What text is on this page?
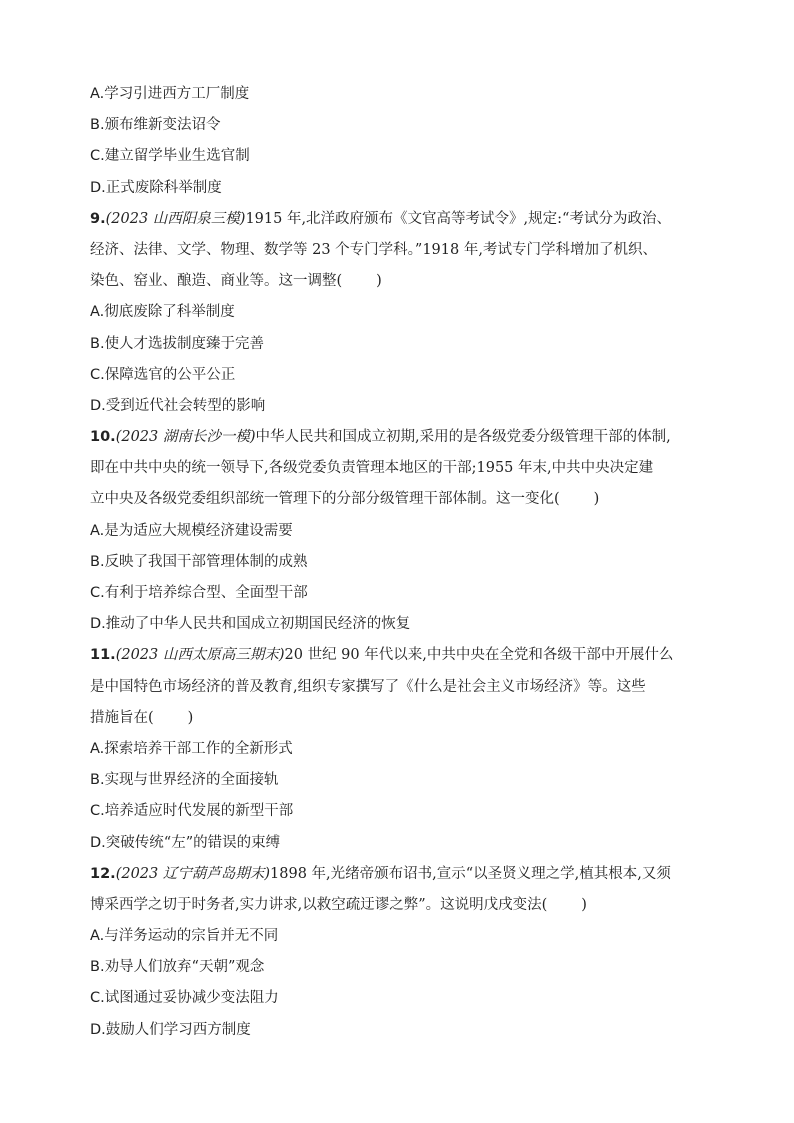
A.学习引进西方工厂制度
B.颁布维新变法诏令
C.建立留学毕业生选官制
D.正式废除科举制度
9.(2023 山西阳泉三模)1915 年,北洋政府颁布《文官高等考试令》,规定:“考试分为政治、
经济、法律、文学、物理、数学等 23 个专门学科。”1918 年,考试专门学科增加了机织、
染色、窑业、酿造、商业等。这一调整( )
A.彻底废除了科举制度
B.使人才选拔制度臻于完善
C.保障选官的公平公正
D.受到近代社会转型的影响
10.(2023 湖南长沙一模)中华人民共和国成立初期,采用的是各级党委分级管理干部的体制,
即在中共中央的统一领导下,各级党委负责管理本地区的干部;1955 年末,中共中央决定建
立中央及各级党委组织部统一管理下的分部分级管理干部体制。这一变化( )
A.是为适应大规模经济建设需要
B.反映了我国干部管理体制的成熟
C.有利于培养综合型、全面型干部
D.推动了中华人民共和国成立初期国民经济的恢复
11.(2023 山西太原高三期末)20 世纪 90 年代以来,中共中央在全党和各级干部中开展什么
是中国特色市场经济的普及教育,组织专家撰写了《什么是社会主义市场经济》等。这些
措施旨在( )
A.探索培养干部工作的全新形式
B.实现与世界经济的全面接轨
C.培养适应时代发展的新型干部
D.突破传统“左”的错误的束缚
12.(2023 辽宁葫芦岛期末)1898 年,光绪帝颁布诏书,宣示“以圣贤义理之学,植其根本,又须
博采西学之切于时务者,实力讲求,以救空疏迂谬之弊”。这说明戊戌变法( )
A.与洋务运动的宗旨并无不同
B.劝导人们放弃“天朝”观念
C.试图通过妥协减少变法阻力
D.鼓励人们学习西方制度
